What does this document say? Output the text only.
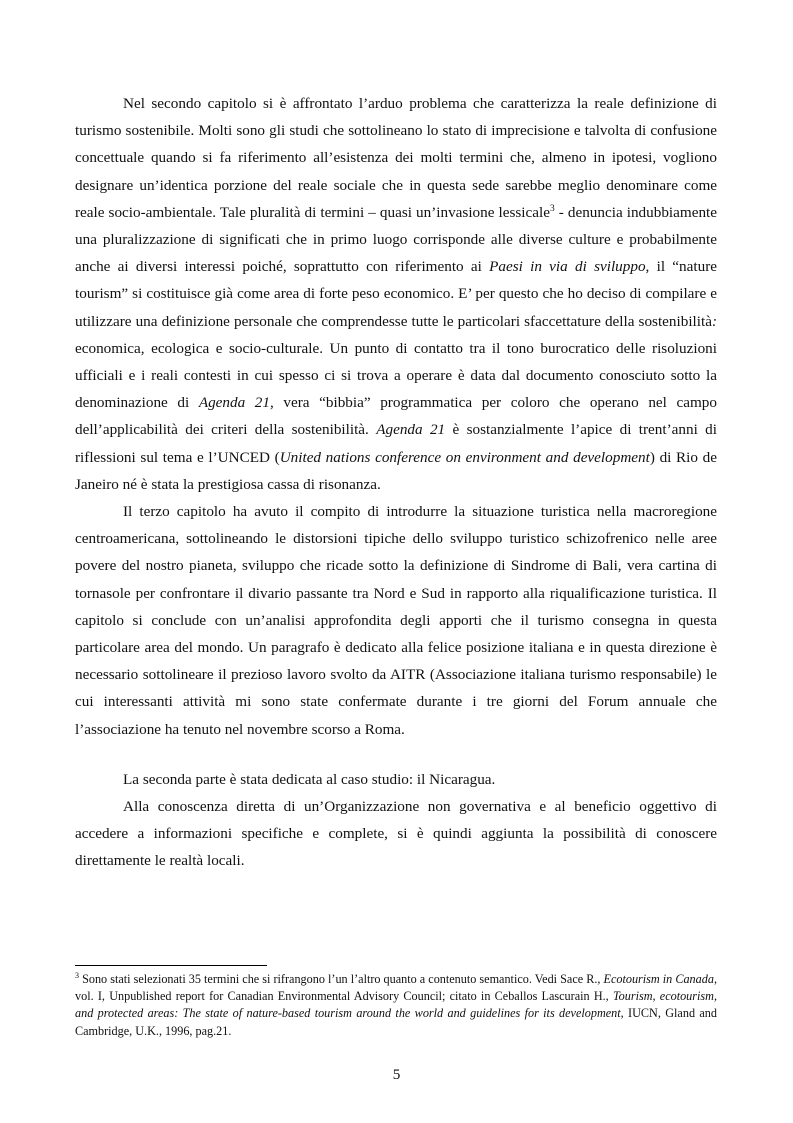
Nel secondo capitolo si è affrontato l’arduo problema che caratterizza la reale definizione di turismo sostenibile. Molti sono gli studi che sottolineano lo stato di imprecisione e talvolta di confusione concettuale quando si fa riferimento all’esistenza dei molti termini che, almeno in ipotesi, vogliono designare un’identica porzione del reale sociale che in questa sede sarebbe meglio denominare come reale socio-ambientale. Tale pluralità di termini – quasi un’invasione lessicale$^3$ - denuncia indubbiamente una pluralizzazione di significati che in primo luogo corrisponde alle diverse culture e probabilmente anche ai diversi interessi poiché, soprattutto con riferimento ai Paesi in via di sviluppo, il “nature tourism” si costituisce già come area di forte peso economico. E’ per questo che ho deciso di compilare e utilizzare una definizione personale che comprendesse tutte le particolari sfaccettature della sostenibilità: economica, ecologica e socio-culturale. Un punto di contatto tra il tono burocratico delle risoluzioni ufficiali e i reali contesti in cui spesso ci si trova a operare è data dal documento conosciuto sotto la denominazione di Agenda 21, vera “bibbia” programmatica per coloro che operano nel campo dell’applicabilità dei criteri della sostenibilità. Agenda 21 è sostanzialmente l’apice di trent’anni di riflessioni sul tema e l’UNCED (United nations conference on environment and development) di Rio de Janeiro né è stata la prestigiosa cassa di risonanza.

Il terzo capitolo ha avuto il compito di introdurre la situazione turistica nella macroregione centroamericana, sottolineando le distorsioni tipiche dello sviluppo turistico schizofrenico nelle aree povere del nostro pianeta, sviluppo che ricade sotto la definizione di Sindrome di Bali, vera cartina di tornasole per confrontare il divario passante tra Nord e Sud in rapporto alla riqualificazione turistica. Il capitolo si conclude con un’analisi approfondita degli apporti che il turismo consegna in questa particolare area del mondo. Un paragrafo è dedicato alla felice posizione italiana e in questa direzione è necessario sottolineare il prezioso lavoro svolto da AITR (Associazione italiana turismo responsabile) le cui interessanti attività mi sono state confermate durante i tre giorni del Forum annuale che l’associazione ha tenuto nel novembre scorso a Roma.

La seconda parte è stata dedicata al caso studio: il Nicaragua.

Alla conoscenza diretta di un’Organizzazione non governativa e al beneficio oggettivo di accedere a informazioni specifiche e complete, si è quindi aggiunta la possibilità di conoscere direttamente le realtà locali.

$^3$ Sono stati selezionati 35 termini che si rifrangono l’un l’altro quanto a contenuto semantico. Vedi Sace R., Ecotourism in Canada, vol. I, Unpublished report for Canadian Environmental Advisory Council; citato in Ceballos Lascurain H., Tourism, ecotourism, and protected areas: The state of nature-based tourism around the world and guidelines for its development, IUCN, Gland and Cambridge, U.K., 1996, pag.21.

5
